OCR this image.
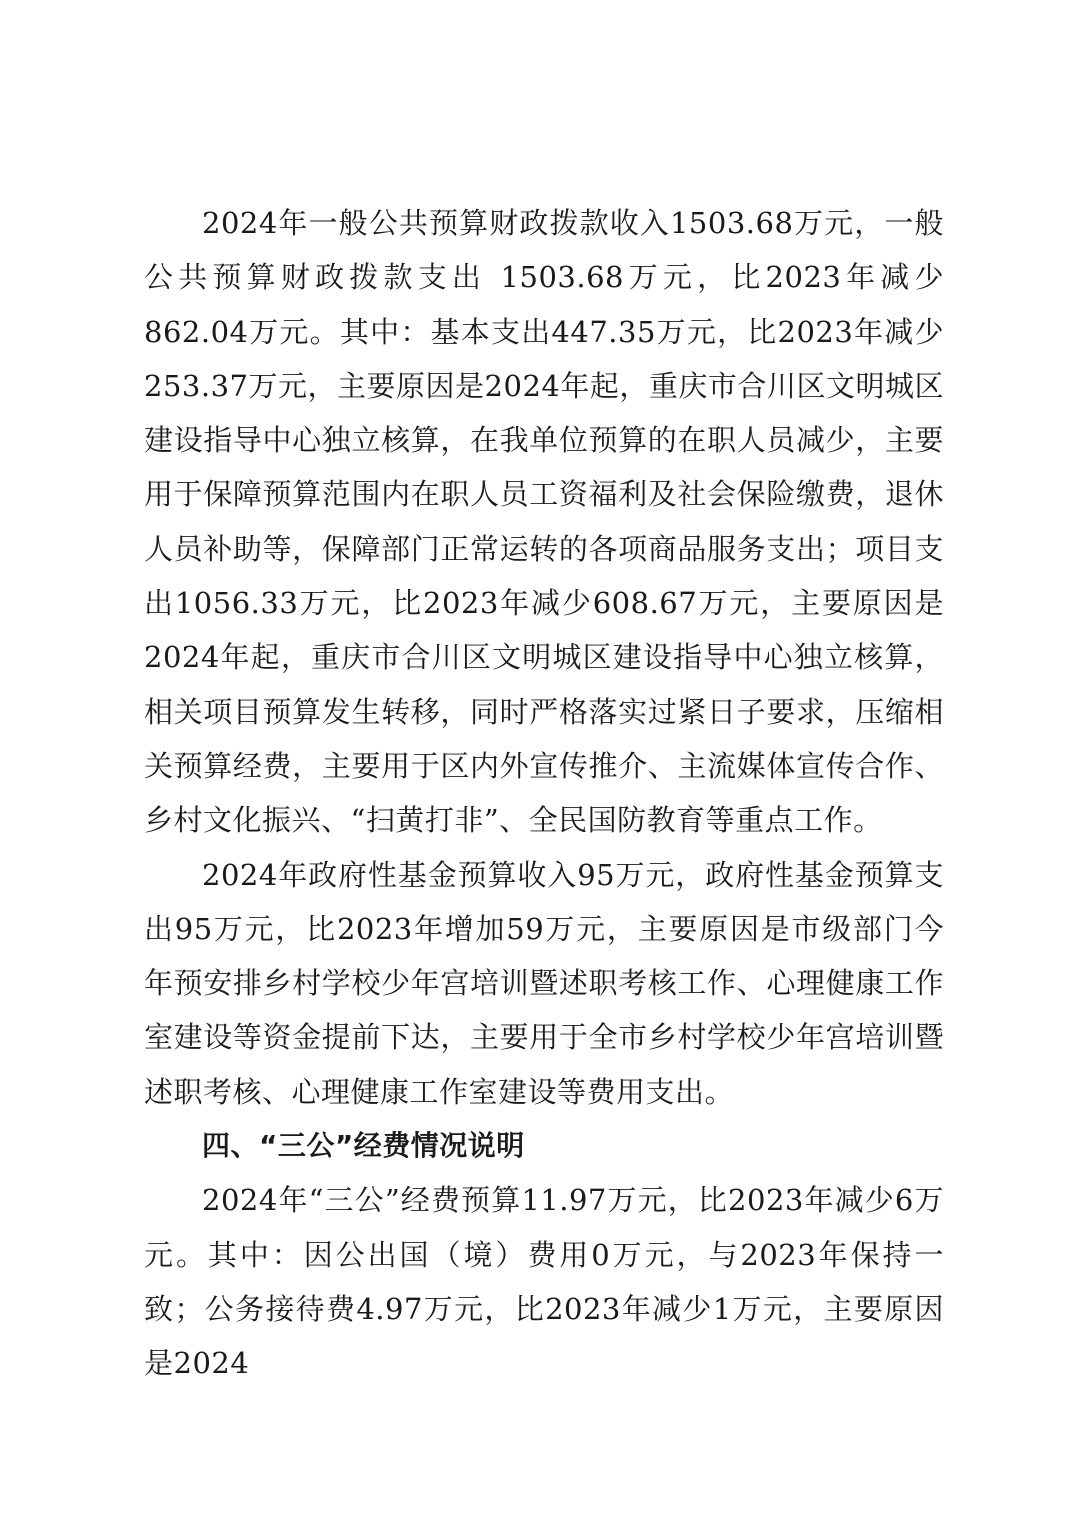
2024年一般公共预算财政拨款收入1503.68万元，一般公共预算财政拨款支出 1503.68万元，比2023年减少862.04万元。其中：基本支出447.35万元，比2023年减少253.37万元，主要原因是2024年起，重庆市合川区文明城区建设指导中心独立核算，在我单位预算的在职人员减少，主要用于保障预算范围内在职人员工资福利及社会保险缴费，退休人员补助等，保障部门正常运转的各项商品服务支出；项目支出1056.33万元，比2023年减少608.67万元，主要原因是2024年起，重庆市合川区文明城区建设指导中心独立核算，相关项目预算发生转移，同时严格落实过紧日子要求，压缩相关预算经费，主要用于区内外宣传推介、主流媒体宣传合作、乡村文化振兴、“扫黄打非”、全民国防教育等重点工作。

2024年政府性基金预算收入95万元，政府性基金预算支出95万元，比2023年增加59万元，主要原因是市级部门今年预安排乡村学校少年宫培训暨述职考核工作、心理健康工作室建设等资金提前下达，主要用于全市乡村学校少年宫培训暨述职考核、心理健康工作室建设等费用支出。

四、“三公”经费情况说明

2024年“三公”经费预算11.97万元，比2023年减少6万元。其中：因公出国（境）费用0万元，与2023年保持一致；公务接待费4.97万元，比2023年减少1万元，主要原因是2024
